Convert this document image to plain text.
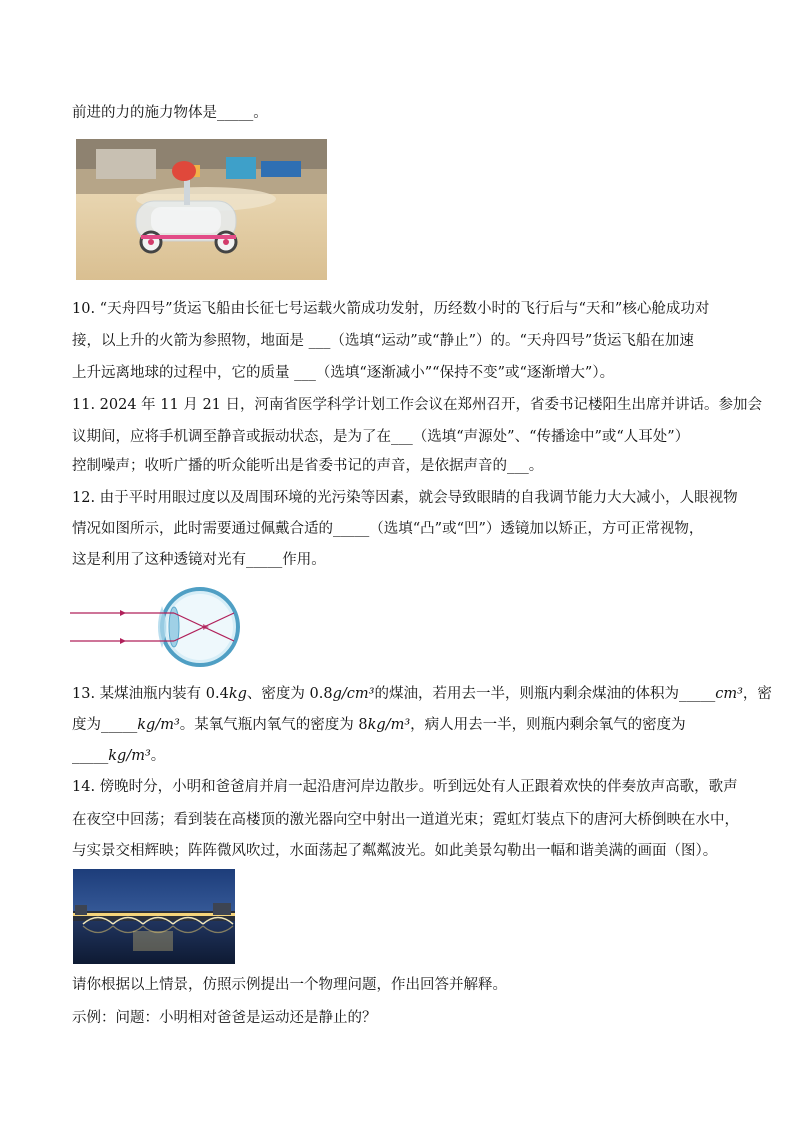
前进的力的施力物体是_____。
10. “天舟四号”货运飞船由长征七号运载火箭成功发射，历经数小时的飞行后与“天和”核心舱成功对
接，以上升的火箭为参照物，地面是 ___（选填“运动”或“静止”）的。“天舟四号”货运飞船在加速
上升远离地球的过程中，它的质量 ___（选填“逐渐减小”“保持不变”或“逐渐增大”）。
11. 2024 年 11 月 21 日，河南省医学科学计划工作会议在郑州召开，省委书记楼阳生出席并讲话。参加会
议期间，应将手机调至静音或振动状态，是为了在___（选填“声源处”、“传播途中”或“人耳处”）
控制噪声；收听广播的听众能听出是省委书记的声音，是依据声音的___。
12. 由于平时用眼过度以及周围环境的光污染等因素，就会导致眼睛的自我调节能力大大减小，人眼视物
情况如图所示，此时需要通过佩戴合适的_____（选填“凸”或“凹”）透镜加以矫正，方可正常视物，
这是利用了这种透镜对光有_____作用。
13. 某煤油瓶内装有 0.4kg、密度为 0.8g/cm³的煤油，若用去一半，则瓶内剩余煤油的体积为_____cm³，密
度为_____kg/m³。某氧气瓶内氧气的密度为 8kg/m³，病人用去一半，则瓶内剩余氧气的密度为
_____kg/m³。
14. 傍晚时分，小明和爸爸肩并肩一起沿唐河岸边散步。听到远处有人正跟着欢快的伴奏放声高歌，歌声
在夜空中回荡；看到装在高楼顶的激光器向空中射出一道道光束；霓虹灯装点下的唐河大桥倒映在水中，
与实景交相辉映；阵阵微风吹过，水面荡起了粼粼波光。如此美景勾勒出一幅和谐美满的画面（图）。
请你根据以上情景，仿照示例提出一个物理问题，作出回答并解释。
示例：问题：小明相对爸爸是运动还是静止的？
